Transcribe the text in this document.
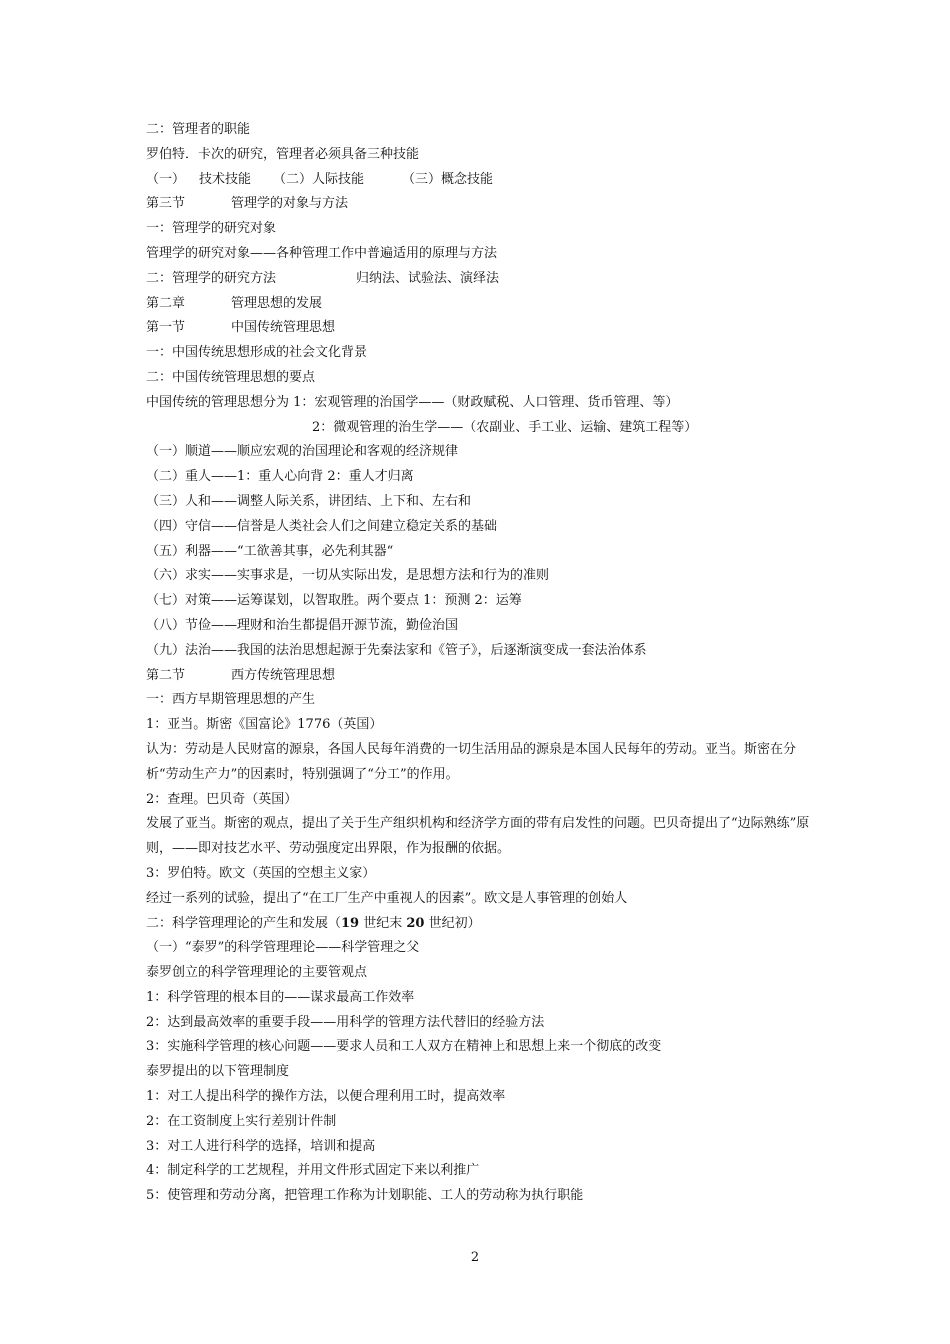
二：管理者的职能
罗伯特．卡次的研究，管理者必须具备三种技能
（一） 技术技能 （二）人际技能	（三）概念技能
第三节	管理学的对象与方法
一：管理学的研究对象
管理学的研究对象——各种管理工作中普遍适用的原理与方法
二：管理学的研究方法	归纳法、试验法、演绎法
第二章	管理思想的发展
第一节	中国传统管理思想
一：中国传统思想形成的社会文化背景
二：中国传统管理思想的要点
中国传统的管理思想分为 1：宏观管理的治国学——（财政赋税、人口管理、货币管理、等）
2：微观管理的治生学——（农副业、手工业、运输、建筑工程等）
（一）顺道——顺应宏观的治国理论和客观的经济规律
（二）重人——1：重人心向背 2：重人才归离
（三）人和——调整人际关系，讲团结、上下和、左右和
（四）守信——信誉是人类社会人们之间建立稳定关系的基础
（五）利器——“工欲善其事，必先利其器“
（六）求实——实事求是，一切从实际出发，是思想方法和行为的准则
（七）对策——运筹谋划，以智取胜。两个要点 1：预测 2：运筹
（八）节俭——理财和治生都提倡开源节流，勤俭治国
（九）法治——我国的法治思想起源于先秦法家和《管子》，后逐渐演变成一套法治体系
第二节	西方传统管理思想
一：西方早期管理思想的产生
1：亚当。斯密《国富论》1776（英国）
认为：劳动是人民财富的源泉，各国人民每年消费的一切生活用品的源泉是本国人民每年的劳动。亚当。斯密在分析“劳动生产力”的因素时，特别强调了“分工”的作用。
2：查理。巴贝奇（英国）
发展了亚当。斯密的观点，提出了关于生产组织机构和经济学方面的带有启发性的问题。巴贝奇提出了“边际熟练”原则，——即对技艺水平、劳动强度定出界限，作为报酬的依据。
3：罗伯特。欧文（英国的空想主义家）
经过一系列的试验，提出了“在工厂生产中重视人的因素”。欧文是人事管理的创始人
二：科学管理理论的产生和发展（19 世纪末 20 世纪初）
（一）“泰罗”的科学管理理论——科学管理之父
泰罗创立的科学管理理论的主要管观点
1：科学管理的根本目的——谋求最高工作效率
2：达到最高效率的重要手段——用科学的管理方法代替旧的经验方法
3：实施科学管理的核心问题——要求人员和工人双方在精神上和思想上来一个彻底的改变
泰罗提出的以下管理制度
1：对工人提出科学的操作方法，以便合理利用工时，提高效率
2：在工资制度上实行差别计件制
3：对工人进行科学的选择，培训和提高
4：制定科学的工艺规程，并用文件形式固定下来以利推广
5：使管理和劳动分离，把管理工作称为计划职能、工人的劳动称为执行职能
2
